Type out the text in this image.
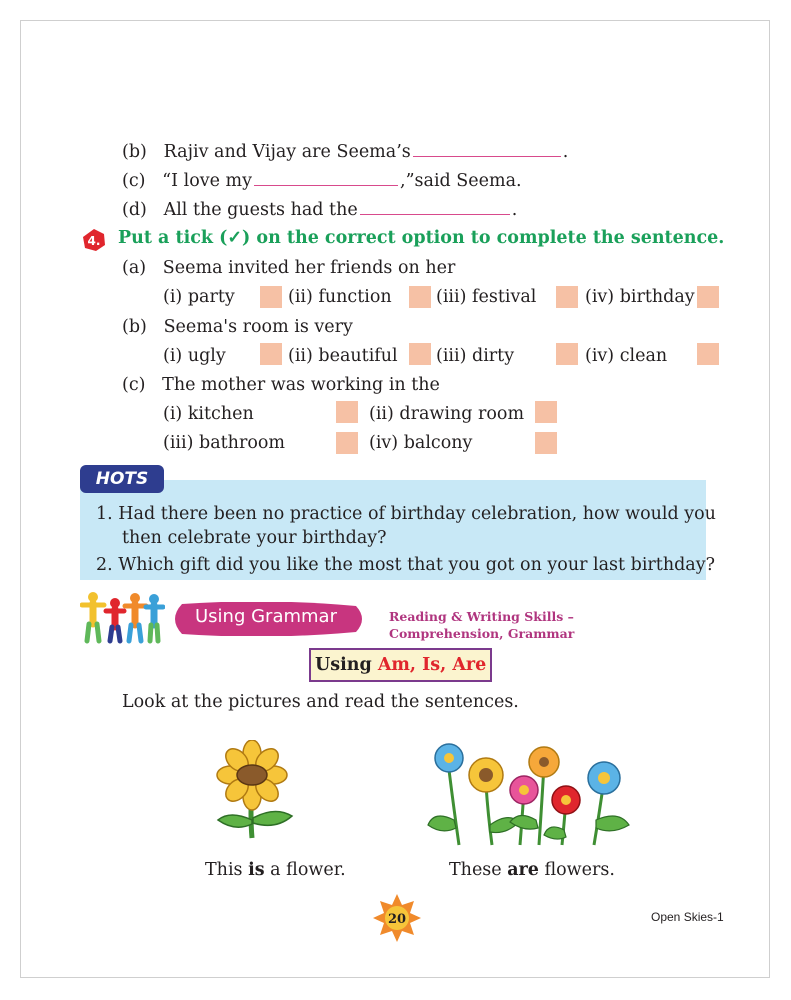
(b) Rajiv and Vijay are Seema’s	.
(c) “I love my	,”said Seema.
(d) All the guests had the	.
4. Put a tick (✓) on the correct option to complete the sentence.
(a) Seema invited her friends on her
(i) party	(ii) function	(iii) festival	(iv) birthday
(b) Seema's room is very
(i) ugly	(ii) beautiful (iii) dirty	(iv) clean
(c) The mother was working in the
(i) kitchen	(ii) drawing room
(iii) bathroom	(iv) balcony
HOTS
1. Had there been no practice of birthday celebration, how would you
then celebrate your birthday?
2. Which gift did you like the most that you got on your last birthday?
Using Grammar	Reading & Writing Skills –
Comprehension, Grammar
Using Am, Is, Are
Look at the pictures and read the sentences.
This is a flower.	These are flowers.
20	Open Skies-1
